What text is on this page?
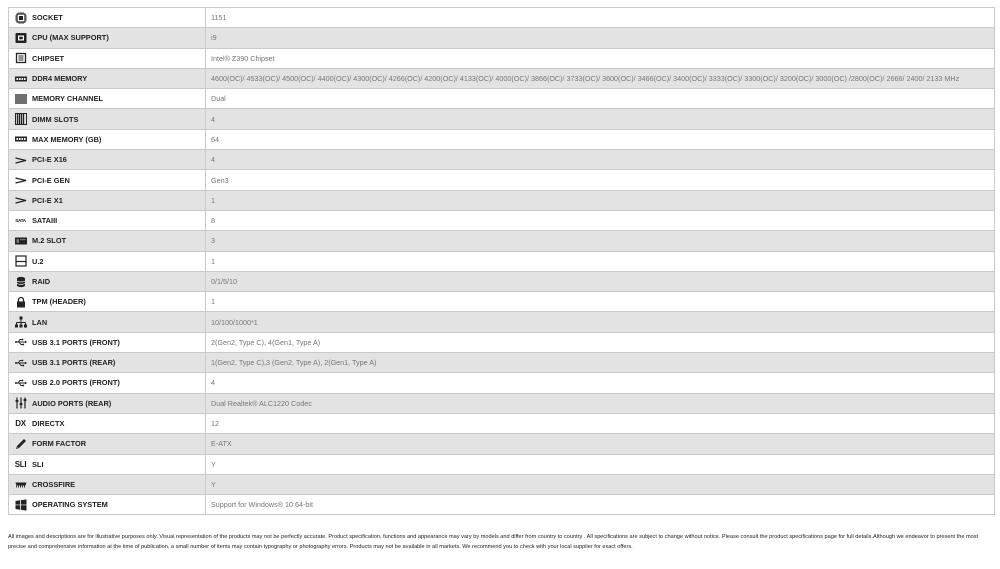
SOCKET	1151
CPU (MAX SUPPORT)	i9
CHIPSET	Intel® Z390 Chipset
DDR4 MEMORY	4600(OC)/ 4533(OC)/ 4500(OC)/ 4400(OC)/ 4300(OC)/ 4266(OC)/ 4200(OC)/ 4133(OC)/ 4000(OC)/ 3866(OC)/ 3733(OC)/ 3600(OC)/ 3466(OC)/ 3400(OC)/ 3333(OC)/ 3300(OC)/ 3200(OC)/ 3000(OC) /2800(OC)/ 2666/ 2400/ 2133 MHz
MEMORY CHANNEL	Dual
DIMM SLOTS	4
MAX MEMORY (GB)	64
PCI-E X16	4
PCI-E GEN	Gen3
PCI-E X1	1
SATA SATAIII	8
M.2 SLOT	3
U.2	1
RAID	0/1/5/10
TPM (HEADER)	1
LAN	10/100/1000*1
USB 3.1 PORTS (FRONT)	2(Gen2, Type C), 4(Gen1, Type A)
USB 3.1 PORTS (REAR)	1(Gen2, Type C),3 (Gen2, Type A), 2(Gen1, Type A)
USB 2.0 PORTS (FRONT)	4
AUDIO PORTS (REAR)	Dual Realtek® ALC1220 Codec
DX DIRECTX	12
FORM FACTOR	E-ATX
SLI SLI	Y
CROSSFIRE	Y
OPERATING SYSTEM	Support for Windows® 10 64-bit
All images and descriptions are for illustrative purposes only. Visual representation of the products may not be perfectly accurate. Product specification, functions and appearance may vary by models and differ from country to country . All specifications are subject to change without notice. Please consult the product specifications page for full details.Although we endeavor to present the most precise and comprehensive information at the time of publication, a small number of items may contain typography or photography errors. Products may not be available in all markets. We recommend you to check with your local supplier for exact offers.
